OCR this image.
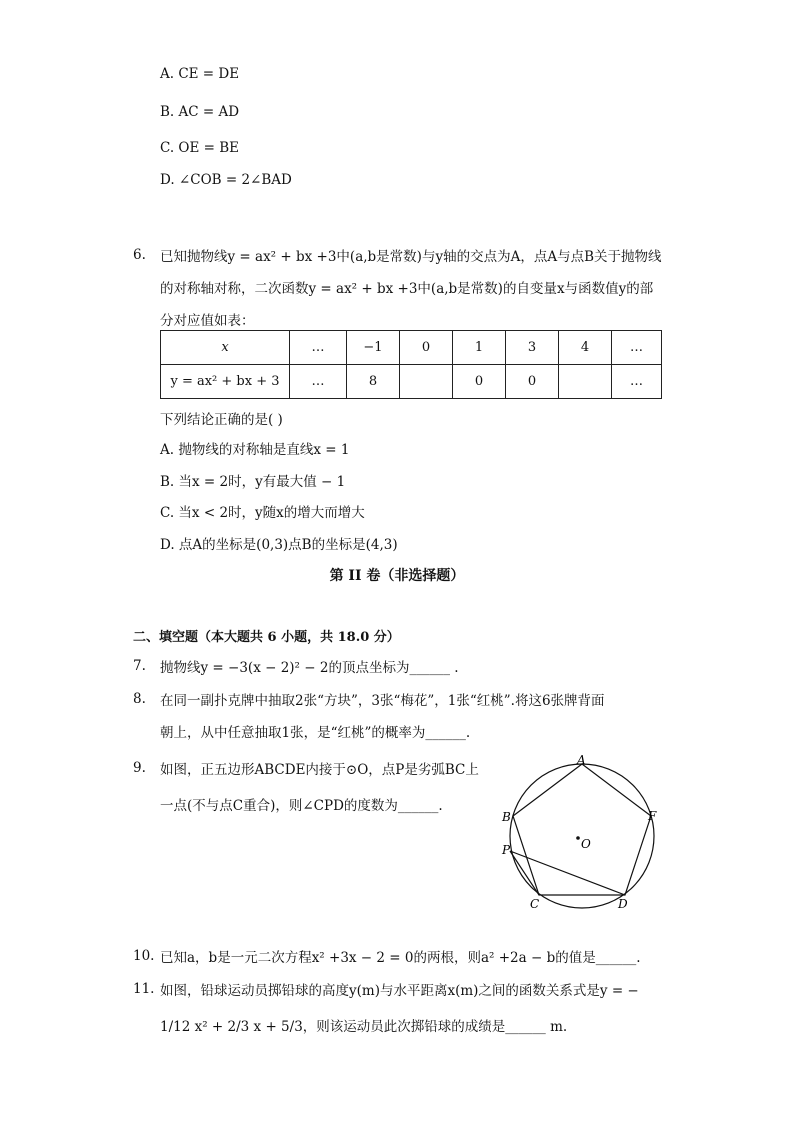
A. CE = DE
B. AC = AD
C. OE = BE
D. ∠COB = 2∠BAD
6. 已知抛物线y = ax² + bx +3中(a,b是常数)与y轴的交点为A，点A与点B关于抛物线
的对称轴对称，二次函数y = ax² + bx +3中(a,b是常数)的自变量x与函数值y的部
分对应值如表：
x	…	−1	0	1	3	4	…
y = ax² + bx + 3	…	8		0	0		…
下列结论正确的是( )
A. 抛物线的对称轴是直线x = 1
B. 当x = 2时，y有最大值 − 1
C. 当x < 2时，y随x的增大而增大
D. 点A的坐标是(0,3)点B的坐标是(4,3)
第 II 卷（非选择题）
二、填空题（本大题共 6 小题，共 18.0 分）
7. 抛物线y = −3(x − 2)² − 2的顶点坐标为______ .
8. 在同一副扑克牌中抽取2张“方块”，3张“梅花”，1张“红桃”.将这6张牌背面
朝上，从中任意抽取1张，是“红桃”的概率为______.
9. 如图，正五边形ABCDE内接于⊙O，点P是劣弧BC上
一点(不与点C重合)，则∠CPD的度数为______.
A
B
P
C	D
F
O
10. 已知a，b是一元二次方程x² +3x − 2 = 0的两根，则a² +2a − b的值是______.
11. 如图，铅球运动员掷铅球的高度y(m)与水平距离x(m)之间的函数关系式是y = −
1/12 x² + 2/3 x + 5/3，则该运动员此次掷铅球的成绩是______ m.
